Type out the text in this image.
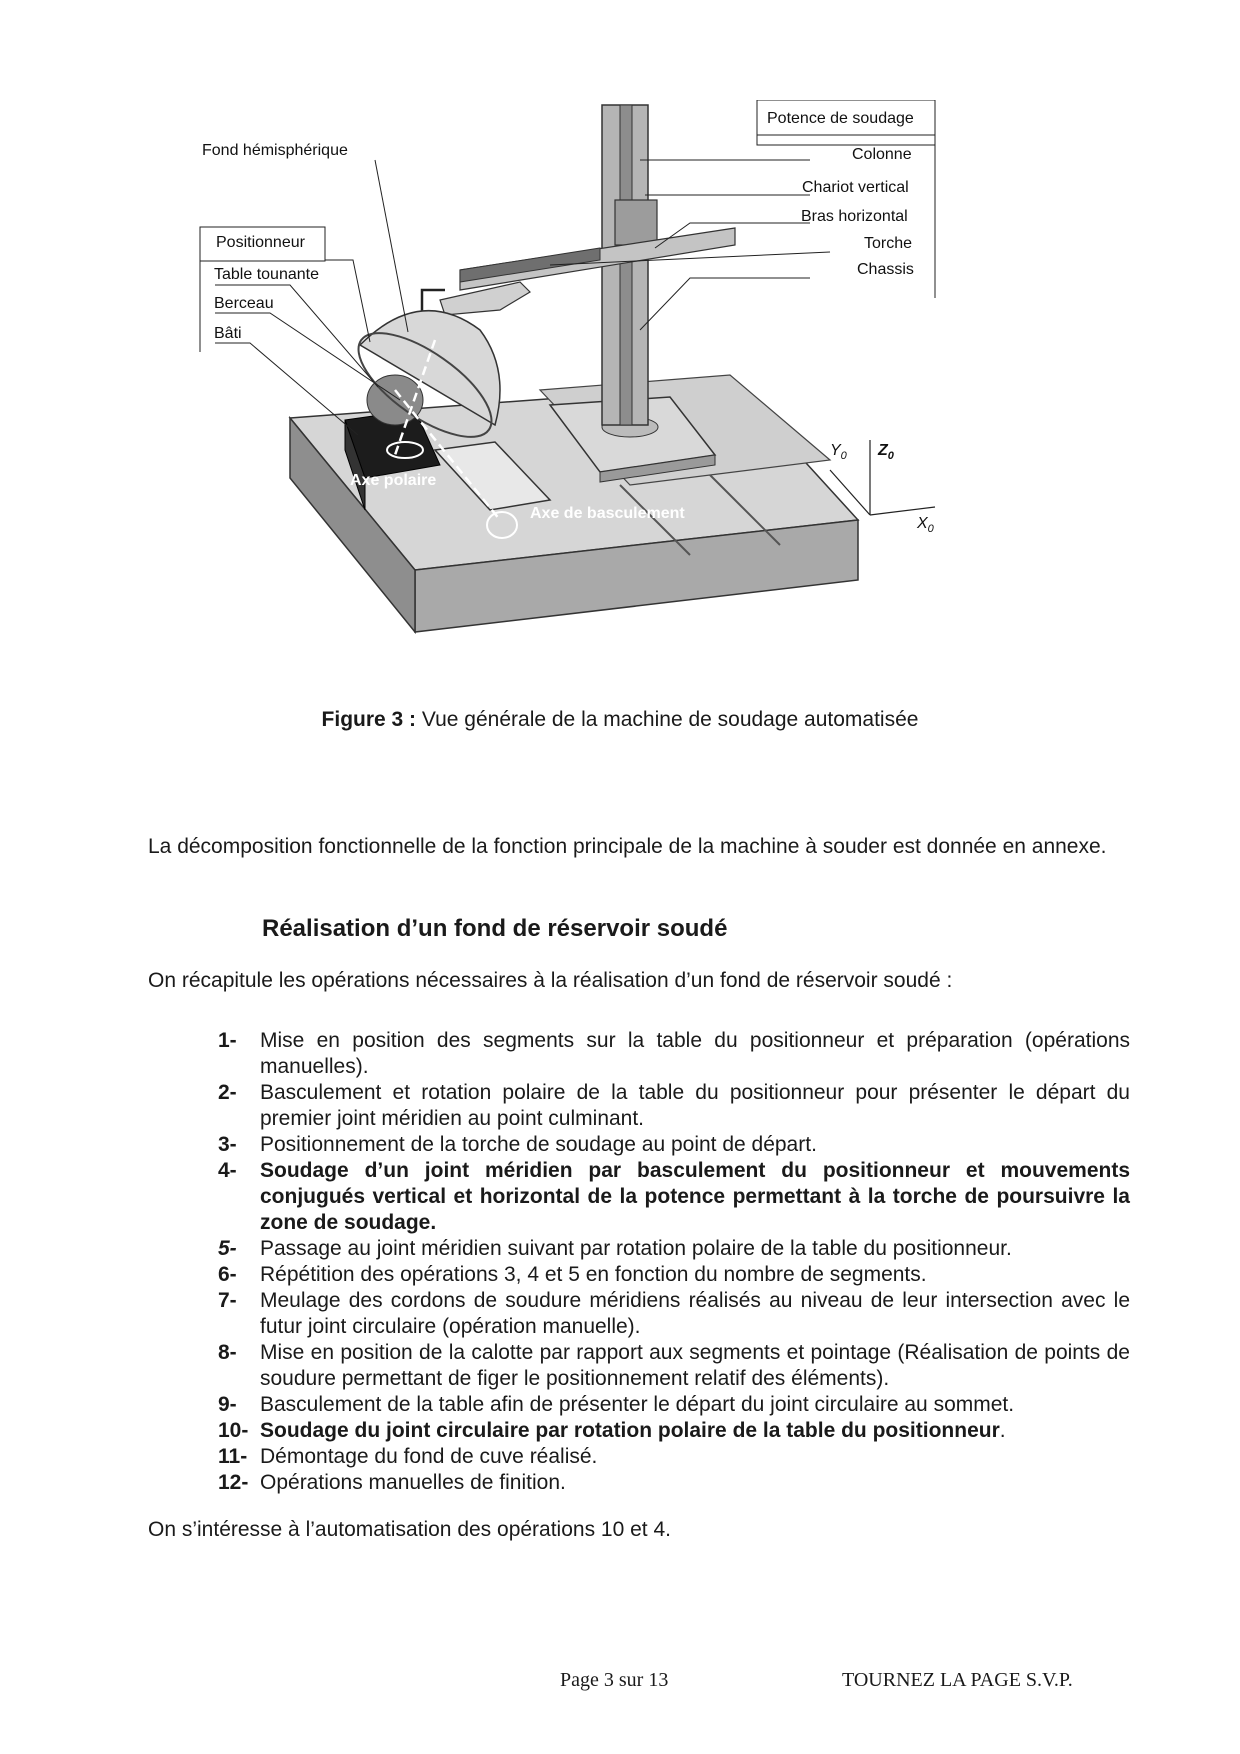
Fond hémisphérique
Positionneur
Table tounante
Berceau
Bâti
Potence de soudage
Colonne
Chariot vertical
Bras horizontal
Torche
Chassis
Axe polaire
Axe de basculement
$Y_0$ $Z_0$
$X_0$
Figure 3 : Vue générale de la machine de soudage automatisée
La décomposition fonctionnelle de la fonction principale de la machine à souder est donnée en annexe.
Réalisation d’un fond de réservoir soudé
On récapitule les opérations nécessaires à la réalisation d’un fond de réservoir soudé :
1- Mise en position des segments sur la table du positionneur et préparation (opérations manuelles).
2- Basculement et rotation polaire de la table du positionneur pour présenter le départ du premier joint méridien au point culminant.
3- Positionnement de la torche de soudage au point de départ.
4- Soudage d’un joint méridien par basculement du positionneur et mouvements conjugués vertical et horizontal de la potence permettant à la torche de poursuivre la zone de soudage.
5- Passage au joint méridien suivant par rotation polaire de la table du positionneur.
6- Répétition des opérations 3, 4 et 5 en fonction du nombre de segments.
7- Meulage des cordons de soudure méridiens réalisés au niveau de leur intersection avec le futur joint circulaire (opération manuelle).
8- Mise en position de la calotte par rapport aux segments et pointage (Réalisation de points de soudure permettant de figer le positionnement relatif des éléments).
9- Basculement de la table afin de présenter le départ du joint circulaire au sommet.
10- Soudage du joint circulaire par rotation polaire de la table du positionneur.
11- Démontage du fond de cuve réalisé.
12- Opérations manuelles de finition.
On s’intéresse à l’automatisation des opérations 10 et 4.
Page 3 sur 13	TOURNEZ LA PAGE S.V.P.
